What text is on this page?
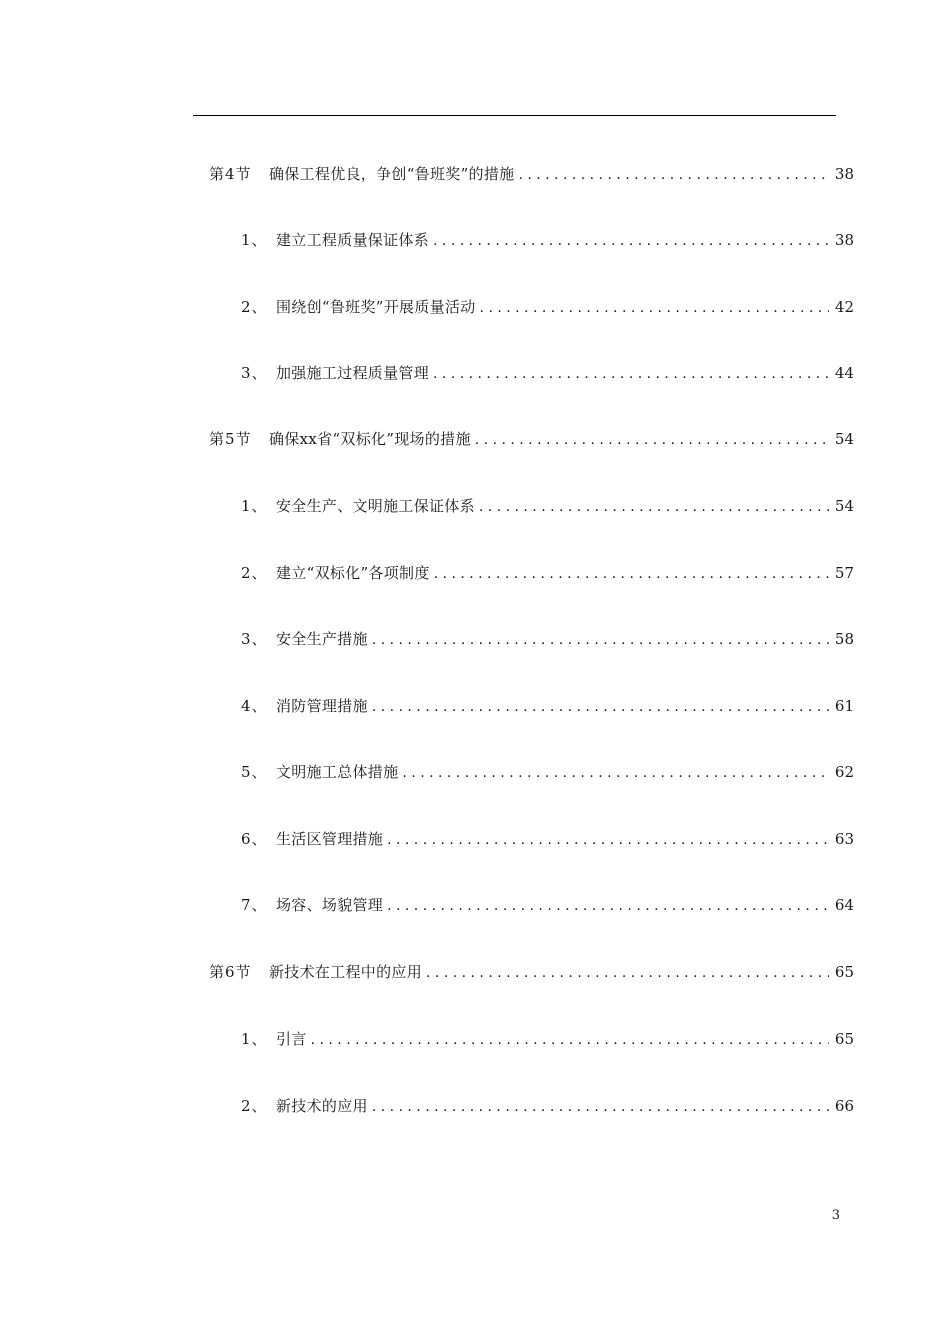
第4节	确保工程优良，争创“鲁班奖”的措施 . . .	38
1、 建立工程质量保证体系 . . .	38
2、 围绕创“鲁班奖”开展质量活动 . . .	42
3、 加强施工过程质量管理 . . .	44
第5节	确保xx省“双标化”现场的措施 . . .	54
1、 安全生产、文明施工保证体系 . . .	54
2、 建立“双标化”各项制度 . . .	57
3、 安全生产措施 . . .	58
4、 消防管理措施 . . .	61
5、 文明施工总体措施 . . .	62
6、 生活区管理措施 . . .	63
7、 场容、场貌管理 . . .	64
第6节	新技术在工程中的应用 . . .	65
1、 引言 . . .	65
2、 新技术的应用 . . .	66
3
